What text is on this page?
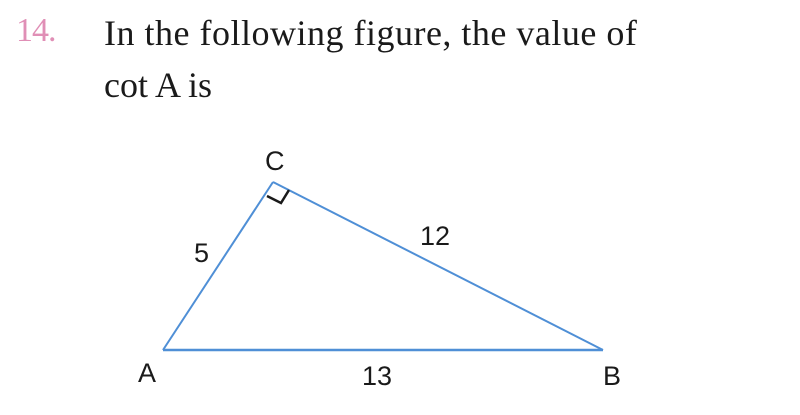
14. In the following figure, the value of
cot A is
C
A	B
5
12
13
